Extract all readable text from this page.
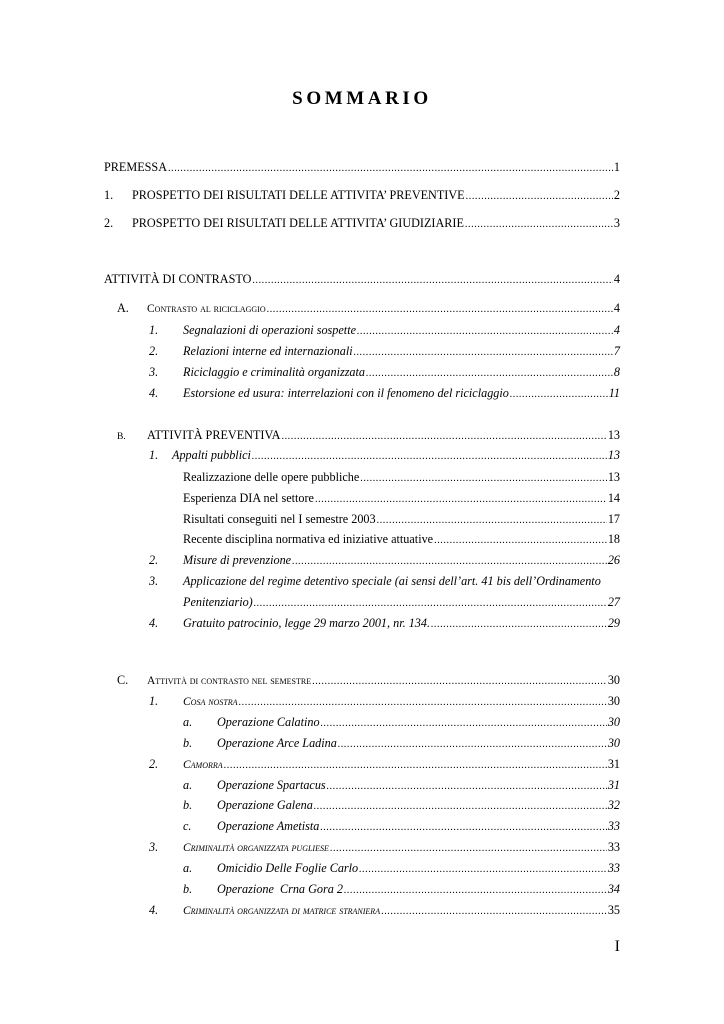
SOMMARIO
PREMESSA .....	1
1.	PROSPETTO DEI RISULTATI DELLE ATTIVITA’ PREVENTIVE .....	2
2.	PROSPETTO DEI RISULTATI DELLE ATTIVITA’ GIUDIZIARIE .....	3
ATTIVITÀ DI CONTRASTO .....	4
A.	Contrasto al riciclaggio .....	4
1.	Segnalazioni di operazioni sospette .....	4
2.	Relazioni interne ed internazionali .....	7
3.	Riciclaggio e criminalità organizzata .....	8
4.	Estorsione ed usura: interrelazioni con il fenomeno del riciclaggio .....	11
B.	ATTIVITÀ PREVENTIVA .....	13
1.	Appalti pubblici .....	13
Realizzazione delle opere pubbliche .....	13
Esperienza DIA nel settore .....	14
Risultati conseguiti nel I semestre 2003 .....	17
Recente disciplina normativa ed iniziative attuative .....	18
2.	Misure di prevenzione .....	26
3. Applicazione del regime detentivo speciale (ai sensi dell’art. 41 bis dell’Ordinamento
Penitenziario) .....	27
4.	Gratuito patrocinio, legge 29 marzo 2001, nr. 134. .....	29
C.	Attività di contrasto nel semestre .....	30
1.	Cosa nostra .....	30
a.	Operazione Calatino .....	30
b.	Operazione Arce Ladina .....	30
2.	Camorra .....	31
a.	Operazione Spartacus .....	31
b.	Operazione Galena .....	32
c.	Operazione Ametista .....	33
3.	Criminalità organizzata pugliese .....	33
a.	Omicidio Delle Foglie Carlo .....	33
b.	Operazione  Crna Gora 2 .....	34
4.	Criminalità organizzata di matrice straniera .....	35
I
